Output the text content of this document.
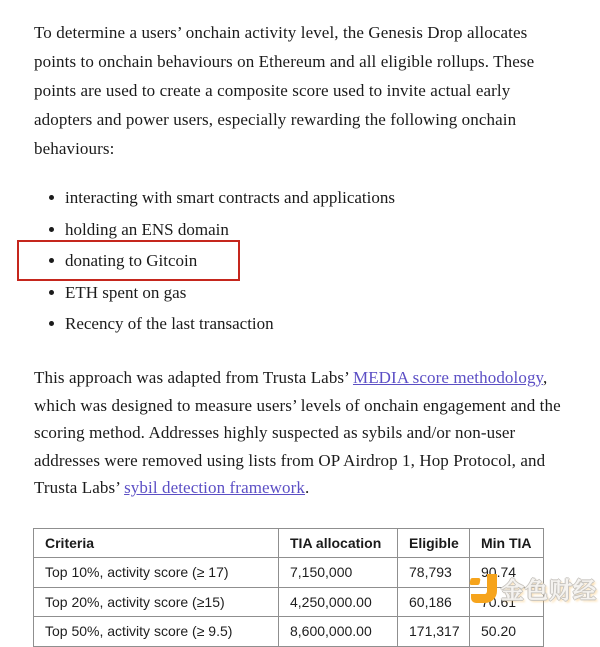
To determine a users’ onchain activity level, the Genesis Drop allocates points to onchain behaviours on Ethereum and all eligible rollups. These points are used to create a composite score used to invite actual early adopters and power users, especially rewarding the following onchain behaviours:

interacting with smart contracts and applications
holding an ENS domain
donating to Gitcoin
ETH spent on gas
Recency of the last transaction

This approach was adapted from Trusta Labs’ MEDIA score methodology, which was designed to measure users’ levels of onchain engagement and the scoring method. Addresses highly suspected as sybils and/or non-user addresses were removed using lists from OP Airdrop 1, Hop Protocol, and Trusta Labs’ sybil detection framework.

Criteria	TIA allocation	Eligible	Min TIA
Top 10%, activity score (≥ 17)	7,150,000	78,793	90.74
Top 20%, activity score (≥15)	4,250,000.00	60,186	70.61
Top 50%, activity score (≥ 9.5)	8,600,000.00	171,317	50.20
金色财经
